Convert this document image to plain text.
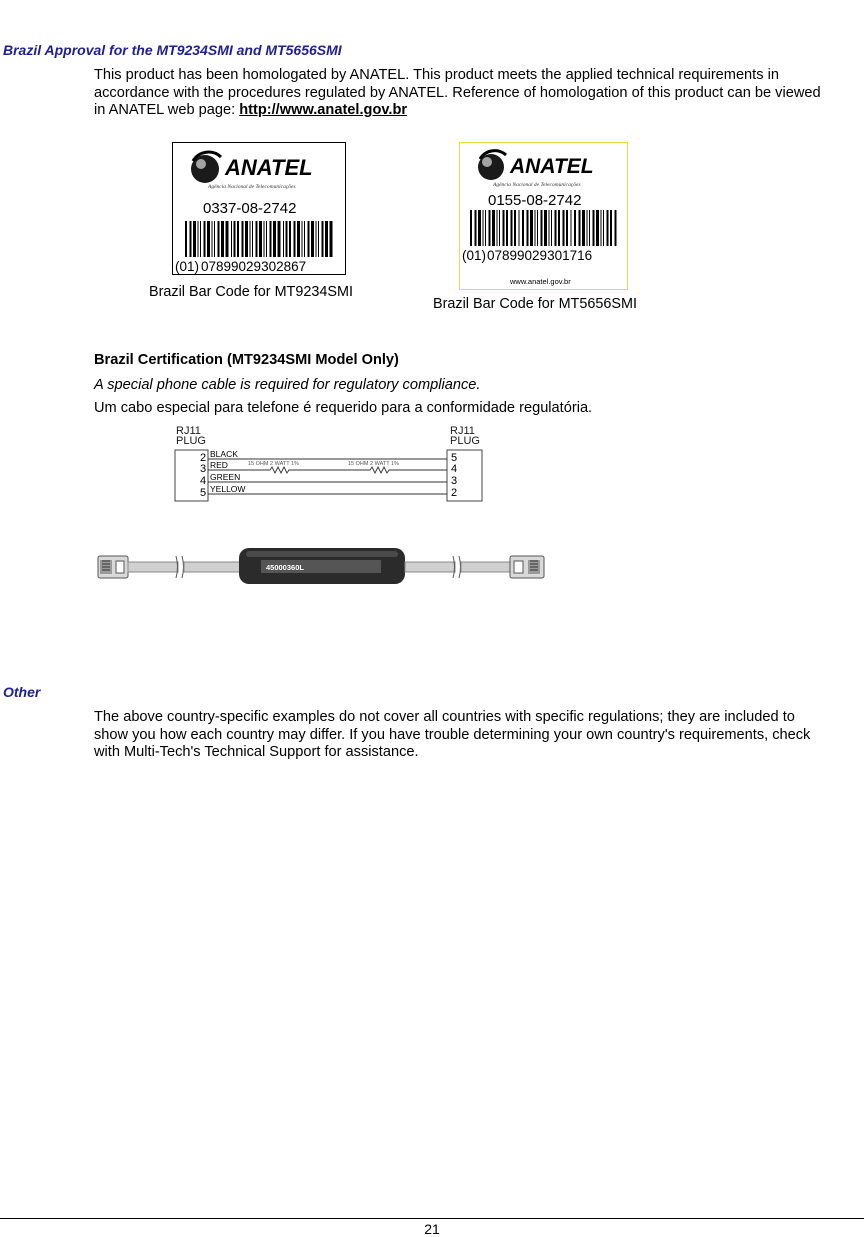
Brazil Approval for the MT9234SMI and MT5656SMI
This product has been homologated by ANATEL. This product meets the applied technical requirements in
accordance with the procedures regulated by ANATEL. Reference of homologation of this product can be viewed
in ANATEL web page: http://www.anatel.gov.br
ANATEL
Agência Nacional de Telecomunicações
0337-08-2742
(01) 07899029302867
Brazil Bar Code for MT9234SMI
ANATEL
Agência Nacional de Telecomunicações
0155-08-2742
(01) 07899029301716
www.anatel.gov.br
Brazil Bar Code for MT5656SMI
Brazil Certification (MT9234SMI Model Only)
A special phone cable is required for regulatory compliance.
Um cabo especial para telefone é requerido para a conformidade regulatória.
RJ11
PLUG
RJ11
PLUG
2
3
4
5
5
4
3
2
BLACK
RED
GREEN
YELLOW
15 OHM 2 WATT 1%	15 OHM 2 WATT 1%
45000360L
Other
The above country-specific examples do not cover all countries with specific regulations; they are included to
show you how each country may differ. If you have trouble determining your own country's requirements, check
with Multi-Tech's Technical Support for assistance.
21
